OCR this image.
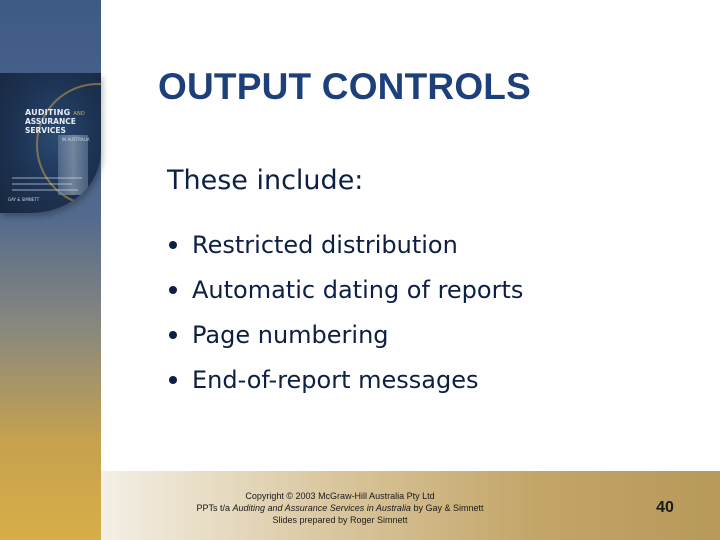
AUDITING AND
ASSURANCE
SERVICES
IN AUSTRALIA
GAY & SIMNETT
OUTPUT CONTROLS

These include:

Restricted distribution
Automatic dating of reports
Page numbering
End-of-report messages
Copyright © 2003 McGraw-Hill Australia Pty Ltd
PPTs t/a Auditing and Assurance Services in Australia by Gay & Simnett
Slides prepared by Roger Simnett
40
